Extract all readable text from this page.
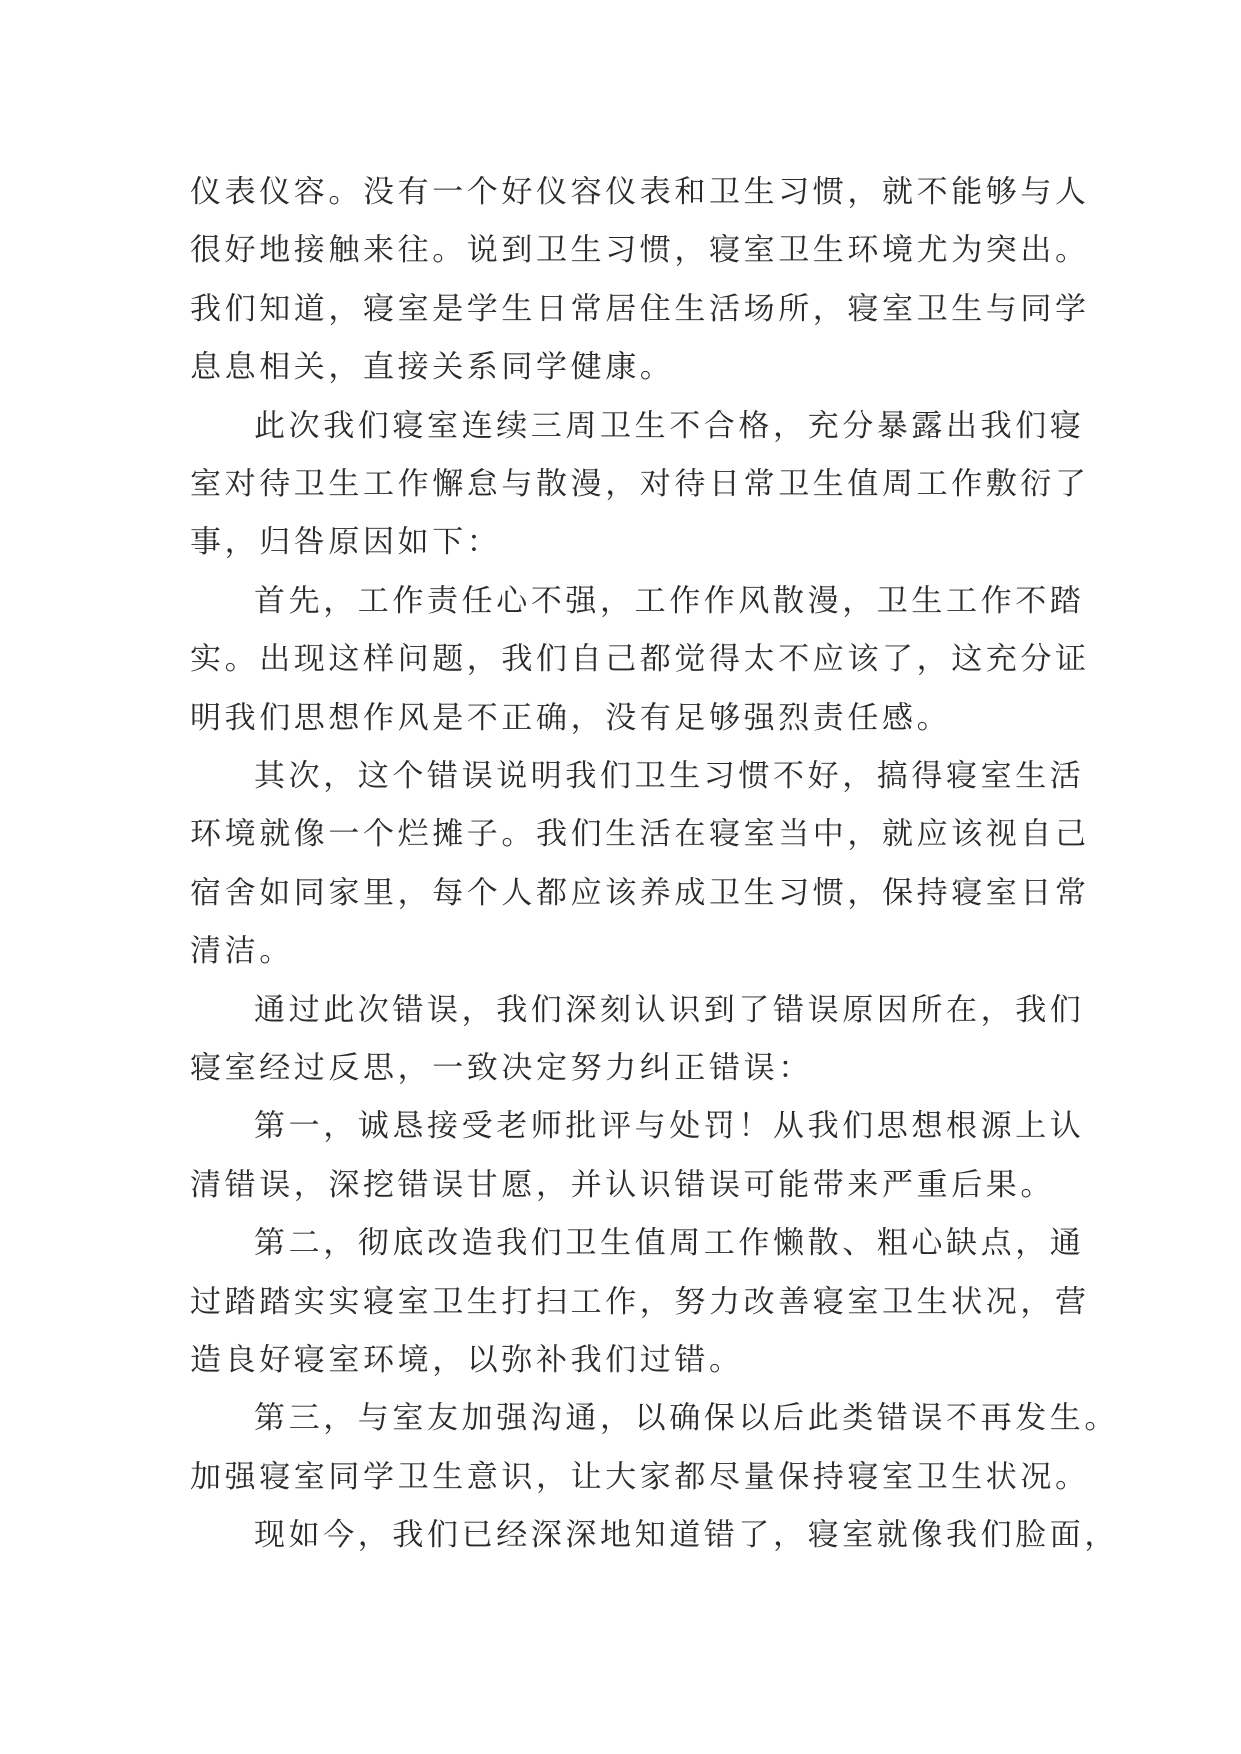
仪表仪容。没有一个好仪容仪表和卫生习惯，就不能够与人
很好地接触来往。说到卫生习惯，寝室卫生环境尤为突出。
我们知道，寝室是学生日常居住生活场所，寝室卫生与同学
息息相关，直接关系同学健康。
此次我们寝室连续三周卫生不合格，充分暴露出我们寝
室对待卫生工作懈怠与散漫，对待日常卫生值周工作敷衍了
事，归咎原因如下：
首先，工作责任心不强，工作作风散漫，卫生工作不踏
实。出现这样问题，我们自己都觉得太不应该了，这充分证
明我们思想作风是不正确，没有足够强烈责任感。
其次，这个错误说明我们卫生习惯不好，搞得寝室生活
环境就像一个烂摊子。我们生活在寝室当中，就应该视自己
宿舍如同家里，每个人都应该养成卫生习惯，保持寝室日常
清洁。
通过此次错误，我们深刻认识到了错误原因所在，我们
寝室经过反思，一致决定努力纠正错误：
第一，诚恳接受老师批评与处罚！从我们思想根源上认
清错误，深挖错误甘愿，并认识错误可能带来严重后果。
第二，彻底改造我们卫生值周工作懒散、粗心缺点，通
过踏踏实实寝室卫生打扫工作，努力改善寝室卫生状况，营
造良好寝室环境，以弥补我们过错。
第三，与室友加强沟通，以确保以后此类错误不再发生。
加强寝室同学卫生意识，让大家都尽量保持寝室卫生状况。
现如今，我们已经深深地知道错了，寝室就像我们脸面，
